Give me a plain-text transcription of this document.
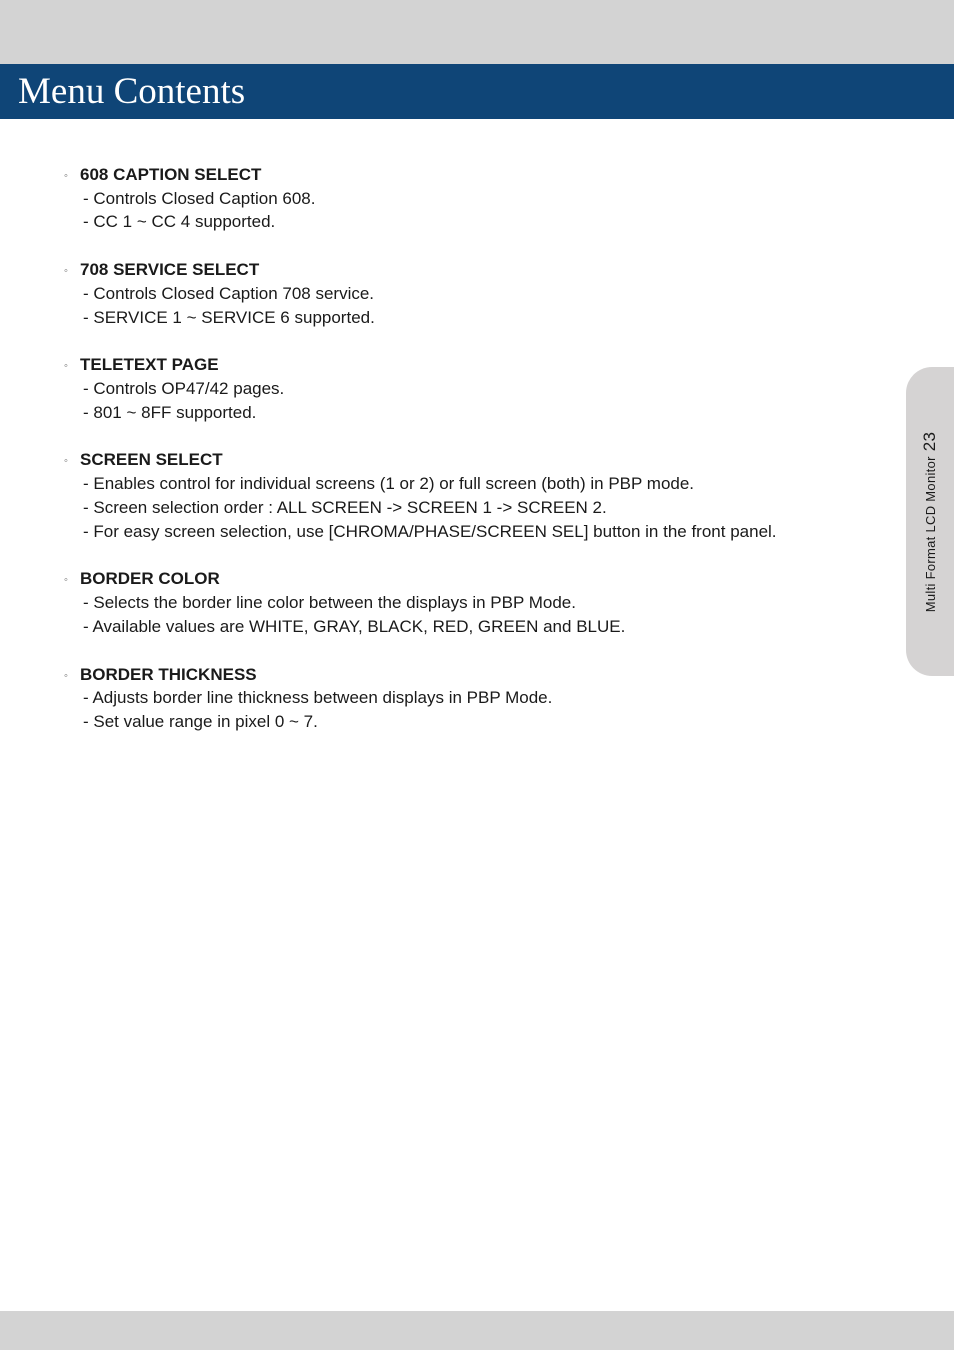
Menu Contents
◦ 608 CAPTION SELECT
- Controls Closed Caption 608.
- CC 1 ~ CC 4 supported.
◦ 708 SERVICE SELECT
- Controls Closed Caption 708 service.
- SERVICE 1 ~ SERVICE 6 supported.
◦ TELETEXT PAGE
- Controls OP47/42 pages.
- 801 ~ 8FF supported.
◦ SCREEN SELECT
- Enables control for individual screens (1 or 2) or full screen (both) in PBP mode.
- Screen selection order : ALL SCREEN -> SCREEN 1 -> SCREEN 2.
- For easy screen selection, use [CHROMA/PHASE/SCREEN SEL] button in the front panel.
◦ BORDER COLOR
- Selects the border line color between the displays in PBP Mode.
- Available values are WHITE, GRAY, BLACK, RED, GREEN and BLUE.
◦ BORDER THICKNESS
- Adjusts border line thickness between displays in PBP Mode.
- Set value range in pixel 0 ~ 7.
Multi Format LCD Monitor23
